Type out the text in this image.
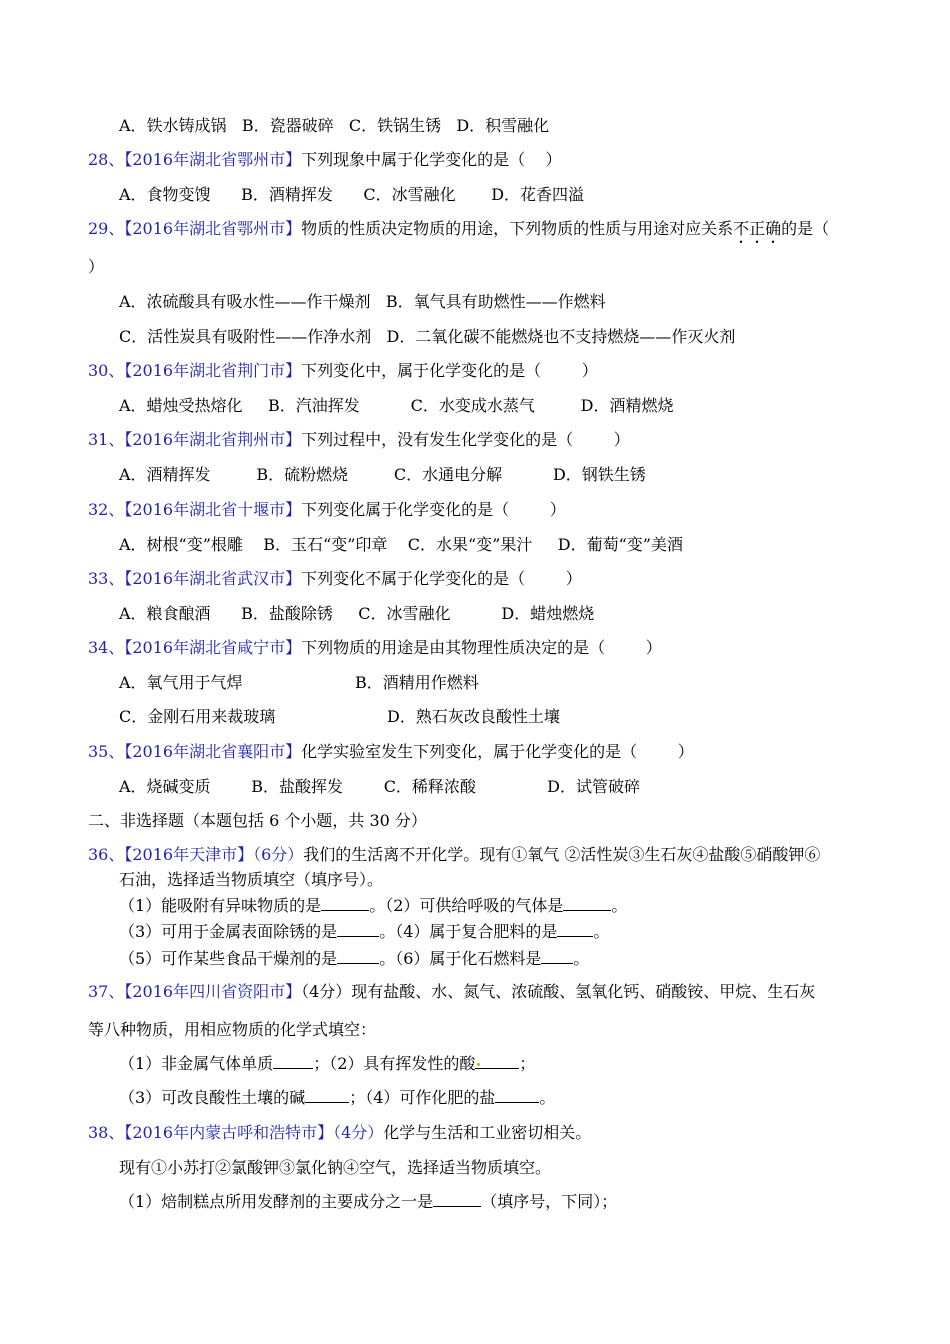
A．铁水铸成锅   B．瓷器破碎   C．铁锅生锈   D．积雪融化
28、【2016年湖北省鄂州市】下列现象中属于化学变化的是（    ）
A．食物变馊      B．酒精挥发      C．冰雪融化       D．花香四溢
29、【2016年湖北省鄂州市】物质的性质决定物质的用途，下列物质的性质与用途对应关系不正确的是（
）
A．浓硫酸具有吸水性——作干燥剂   B．氧气具有助燃性——作燃料
C．活性炭具有吸附性——作净水剂   D．二氧化碳不能燃烧也不支持燃烧——作灭火剂
30、【2016年湖北省荆门市】下列变化中，属于化学变化的是（        ）
A．蜡烛受热熔化     B．汽油挥发          C．水变成水蒸气         D．酒精燃烧
31、【2016年湖北省荆州市】下列过程中，没有发生化学变化的是（        ）
A．酒精挥发         B．硫粉燃烧         C．水通电分解          D．钢铁生锈
32、【2016年湖北省十堰市】下列变化属于化学变化的是（        ）
A．树根“变”根雕    B．玉石“变”印章    C．水果“变”果汁     D．葡萄“变”美酒
33、【2016年湖北省武汉市】下列变化不属于化学变化的是（        ）
A．粮食酿酒      B．盐酸除锈     C．冰雪融化          D．蜡烛燃烧
34、【2016年湖北省咸宁市】下列物质的用途是由其物理性质决定的是（        ）
A．氧气用于气焊	B．酒精用作燃料
C．金刚石用来裁玻璃	D．熟石灰改良酸性土壤
35、【2016年湖北省襄阳市】化学实验室发生下列变化，属于化学变化的是（        ）
A．烧碱变质        B．盐酸挥发        C．稀释浓酸              D．试管破碎
二、非选择题（本题包括 6 个小题，共 30 分）
36、【2016年天津市】（6分）我们的生活离不开化学。现有①氧气 ②活性炭③生石灰④盐酸⑤硝酸钾⑥
石油，选择适当物质填空（填序号）。
（1）能吸附有异味物质的是	。（2）可供给呼吸的气体是	。
（3）可用于金属表面除锈的是	。（4）属于复合肥料的是 。
（5）可作某些食品干燥剂的是	。（6）属于化石燃料是 。
37、【2016年四川省资阳市】（4分）现有盐酸、水、氮气、浓硫酸、氢氧化钙、硝酸铵、甲烷、生石灰
等八种物质，用相应物质的化学式填空：
（1）非金属气体单质	；（2）具有挥发性的酸	；
（3）可改良酸性土壤的碱	；（4）可作化肥的盐	。
38、【2016年内蒙古呼和浩特市】（4分）化学与生活和工业密切相关。
现有①小苏打②氯酸钾③氯化钠④空气，选择适当物质填空。
（1）焙制糕点所用发酵剂的主要成分之一是	（填序号，下同）；
